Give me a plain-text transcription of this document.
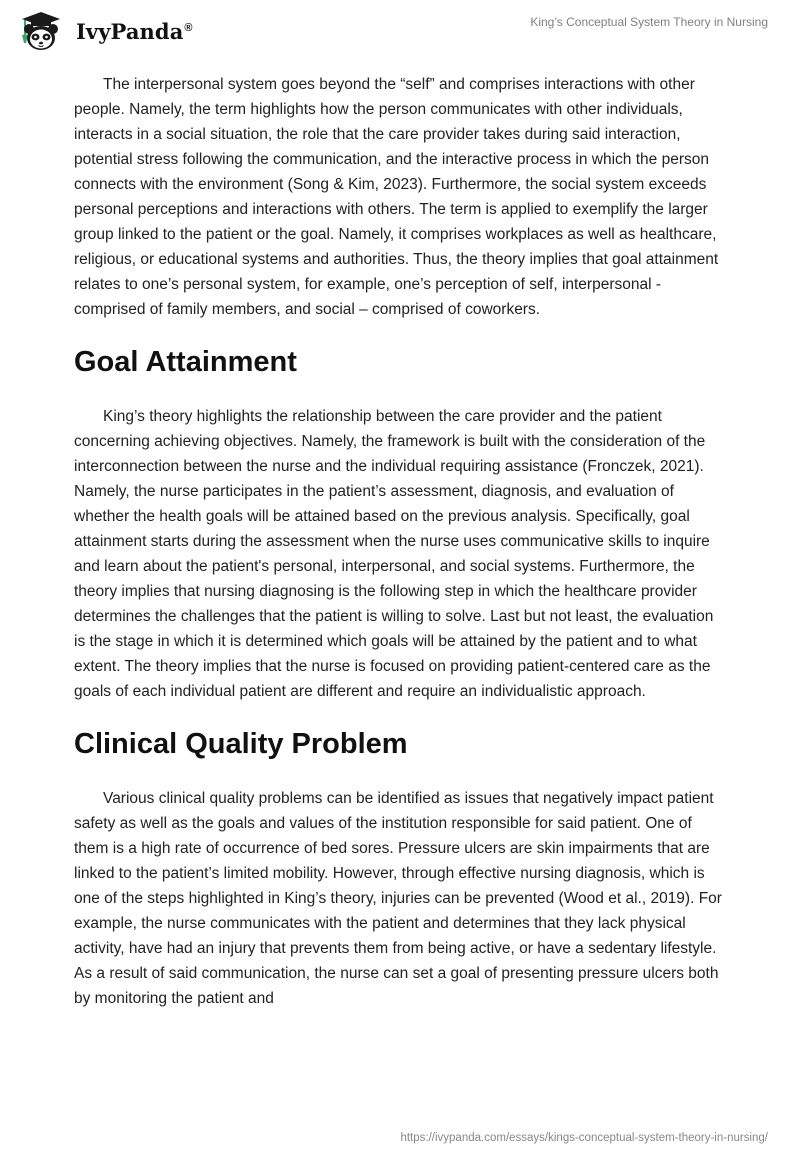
IvyPanda®	King’s Conceptual System Theory in Nursing

The interpersonal system goes beyond the “self” and comprises interactions with other people. Namely, the term highlights how the person communicates with other individuals, interacts in a social situation, the role that the care provider takes during said interaction, potential stress following the communication, and the interactive process in which the person connects with the environment (Song & Kim, 2023). Furthermore, the social system exceeds personal perceptions and interactions with others. The term is applied to exemplify the larger group linked to the patient or the goal. Namely, it comprises workplaces as well as healthcare, religious, or educational systems and authorities. Thus, the theory implies that goal attainment relates to one’s personal system, for example, one’s perception of self, interpersonal - comprised of family members, and social – comprised of coworkers.

Goal Attainment

King’s theory highlights the relationship between the care provider and the patient concerning achieving objectives. Namely, the framework is built with the consideration of the interconnection between the nurse and the individual requiring assistance (Fronczek, 2021). Namely, the nurse participates in the patient’s assessment, diagnosis, and evaluation of whether the health goals will be attained based on the previous analysis. Specifically, goal attainment starts during the assessment when the nurse uses communicative skills to inquire and learn about the patient's personal, interpersonal, and social systems. Furthermore, the theory implies that nursing diagnosing is the following step in which the healthcare provider determines the challenges that the patient is willing to solve. Last but not least, the evaluation is the stage in which it is determined which goals will be attained by the patient and to what extent. The theory implies that the nurse is focused on providing patient-centered care as the goals of each individual patient are different and require an individualistic approach.

Clinical Quality Problem

Various clinical quality problems can be identified as issues that negatively impact patient safety as well as the goals and values of the institution responsible for said patient. One of them is a high rate of occurrence of bed sores. Pressure ulcers are skin impairments that are linked to the patient’s limited mobility. However, through effective nursing diagnosis, which is one of the steps highlighted in King’s theory, injuries can be prevented (Wood et al., 2019). For example, the nurse communicates with the patient and determines that they lack physical activity, have had an injury that prevents them from being active, or have a sedentary lifestyle. As a result of said communication, the nurse can set a goal of presenting pressure ulcers both by monitoring the patient and

https://ivypanda.com/essays/kings-conceptual-system-theory-in-nursing/
